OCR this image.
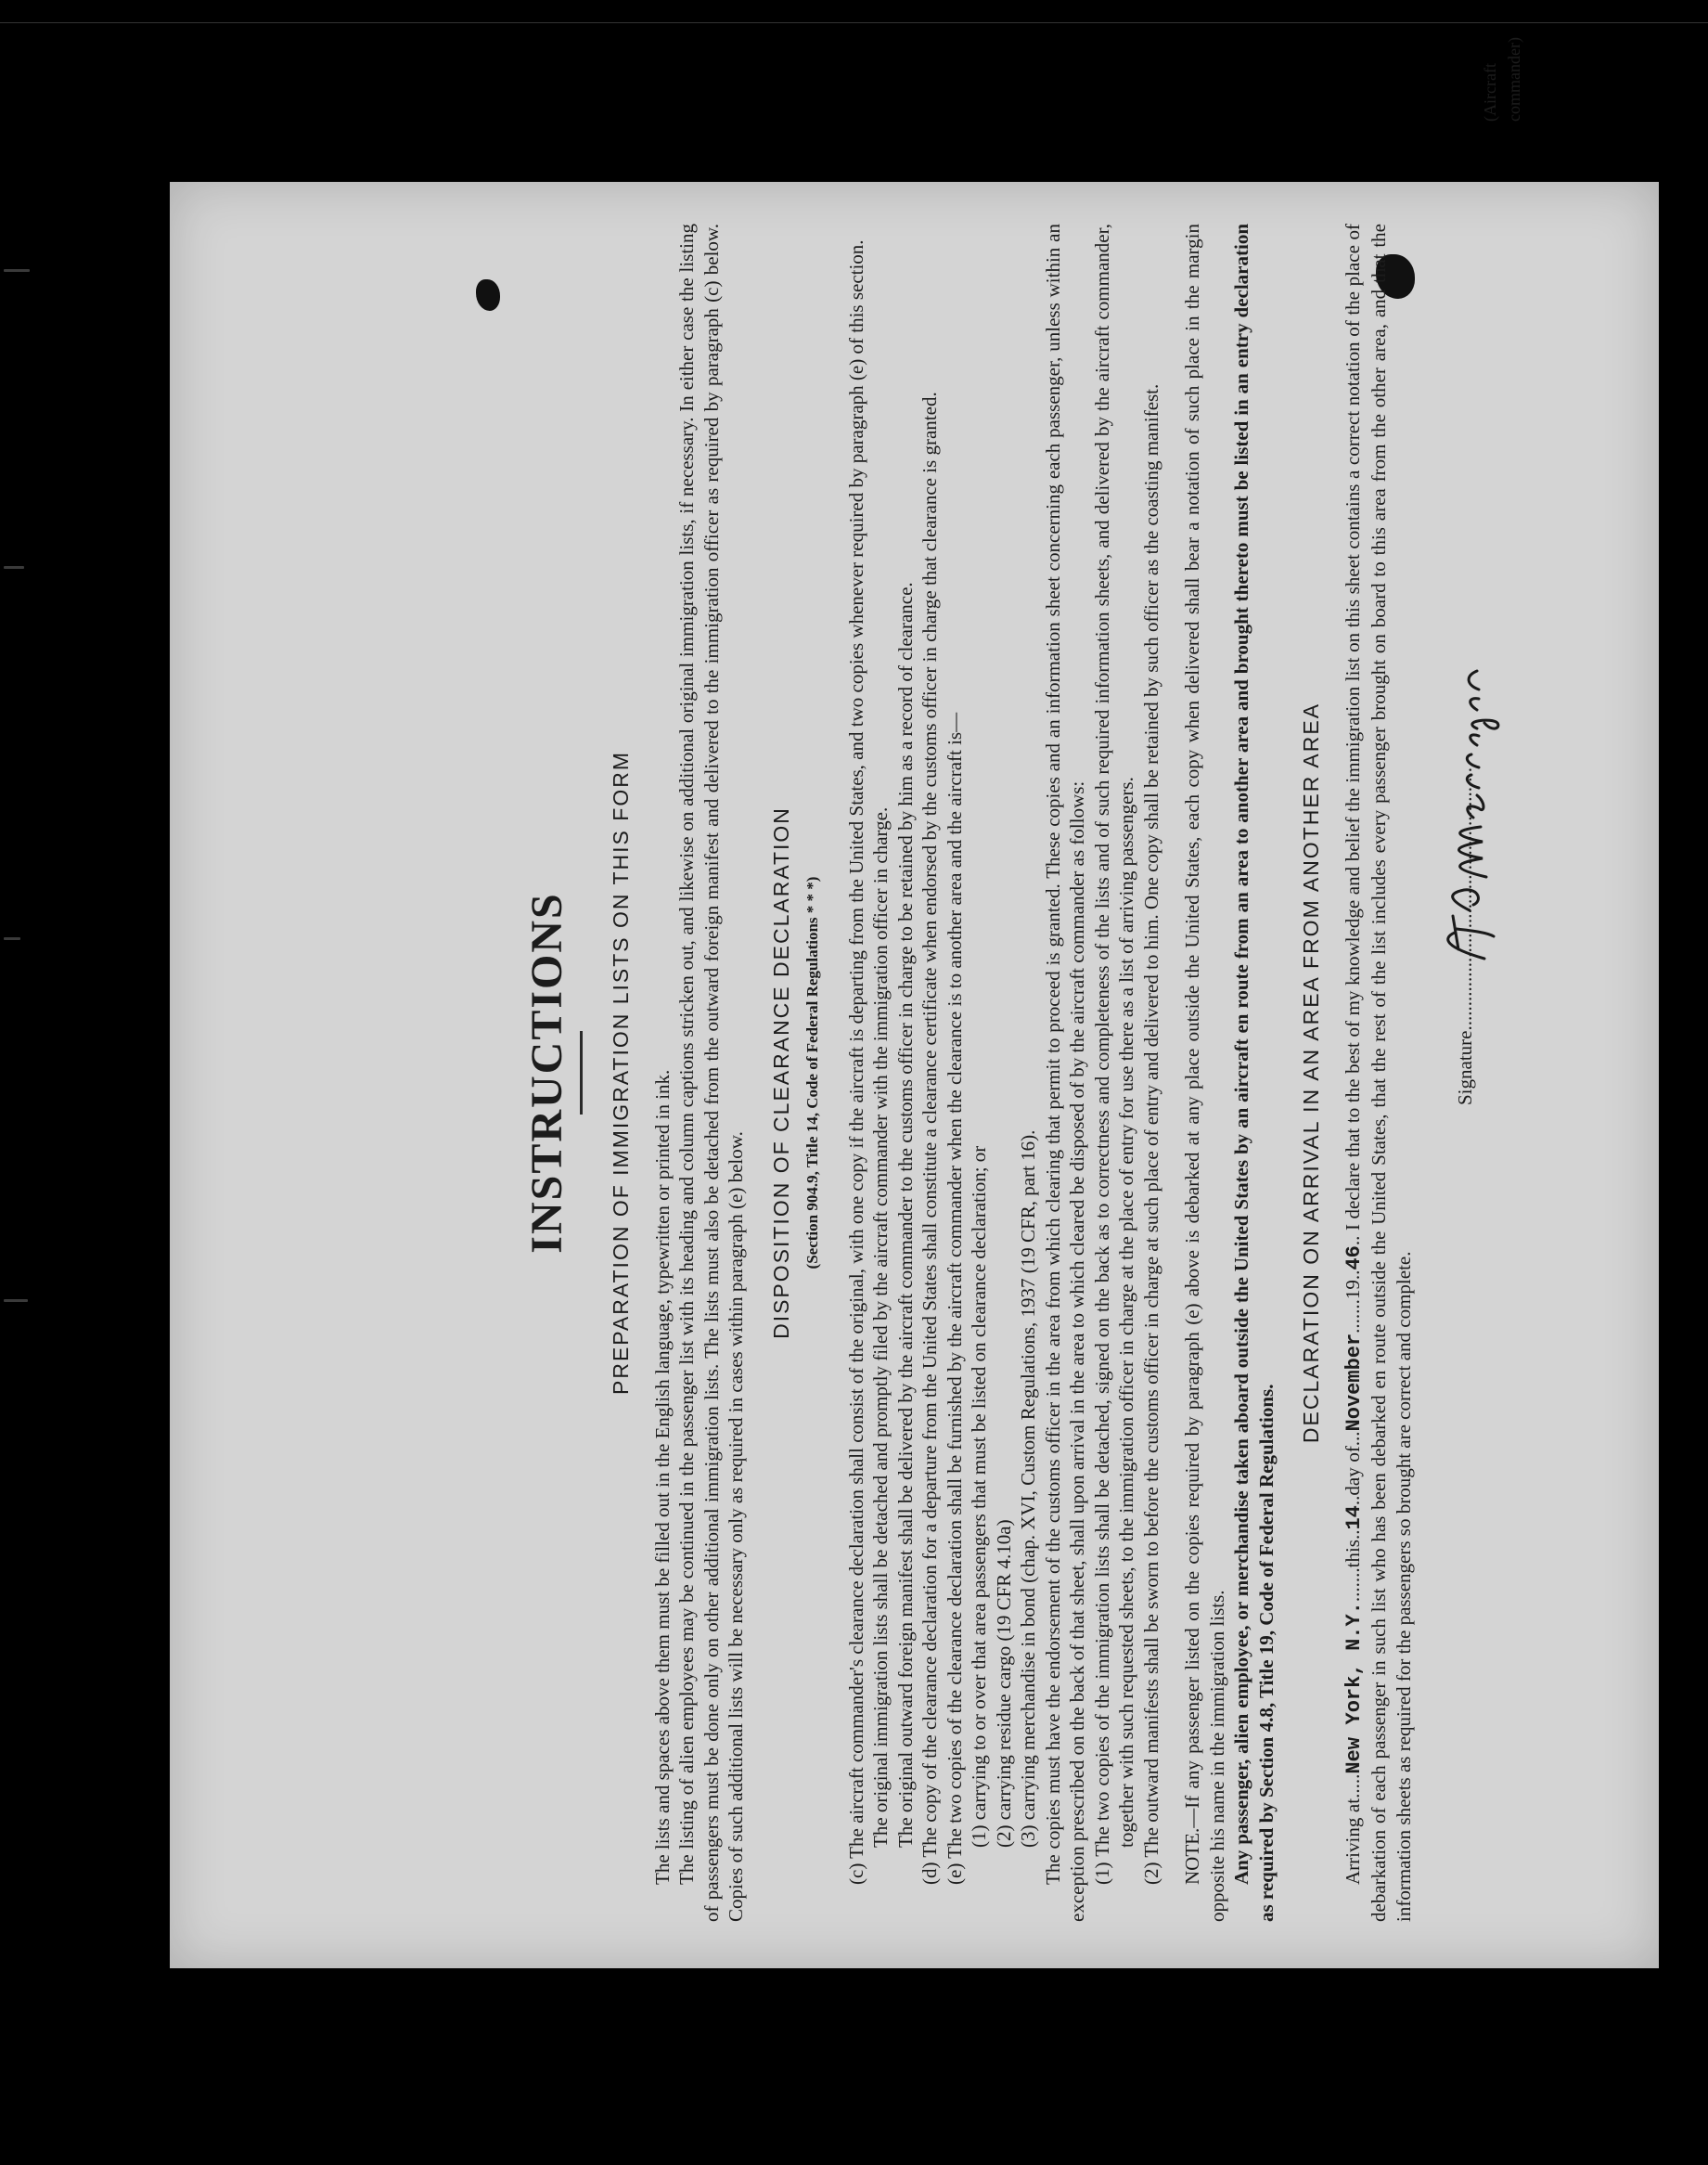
INSTRUCTIONS PREPARATION OF IMMIGRATION LISTS ON THIS FORM The lists and spaces above them must be filled out in the English language, typewritten or printed in ink. The listing of alien employees may be continued in the passenger list with its heading and column captions stricken out, and likewise on additional original immigration lists, if necessary. In either case the listing of passengers must be done only on other additional immigration lists. The lists must also be detached from the outward foreign manifest and delivered to the immigration officer as required by paragraph (c) below. Copies of such additional lists will be necessary only as required in cases within paragraph (e) below.

DISPOSITION OF CLEARANCE DECLARATION (Section 904.9, Title 14, Code of Federal Regulations * * *) (c) The aircraft commander's clearance declaration shall consist of the original, with one copy if the aircraft is departing from the United States, and two copies whenever required by paragraph (e) of this section. The original immigration lists shall be detached and promptly filed by the aircraft commander with the immigration officer in charge. The original outward foreign manifest shall be delivered by the aircraft commander to the customs officer in charge to be retained by him as a record of clearance. (d) The copy of the clearance declaration for a departure from the United States shall constitute a clearance certificate when endorsed by the customs officer in charge that clearance is granted. (e) The two copies of the clearance declaration shall be furnished by the aircraft commander when the clearance is to another area and the aircraft is— (1) carrying to or over that area passengers that must be listed on clearance declaration; or (2) carrying residue cargo (19 CFR 4.10a) (3) carrying merchandise in bond (chap. XVI, Custom Regulations, 1937 (19 CFR, part 16). The copies must have the endorsement of the customs officer in the area from which clearing that permit to proceed is granted. These copies and an information sheet concerning each passenger, unless within an exception prescribed on the back of that sheet, shall upon arrival in the area to which cleared be disposed of by the aircraft commander as follows: (1) The two copies of the immigration lists shall be detached, signed on the back as to correctness and completeness of the lists and of such required information sheets, and delivered by the aircraft commander, together with such requested sheets, to the immigration officer in charge at the place of entry for use there as a list of arriving passengers. (2) The outward manifests shall be sworn to before the customs officer in charge at such place of entry and delivered to him. One copy shall be retained by such officer as the coasting manifest. NOTE.—If any passenger listed on the copies required by paragraph (e) above is debarked at any place outside the United States, each copy when delivered shall bear a notation of such place in the margin opposite his name in the immigration lists. Any passenger, alien employee, or merchandise taken aboard outside the United States by an aircraft en route from an area to another area and brought thereto must be listed in an entry declaration as required by Section 4.8, Title 19, Code of Federal Regulations.

DECLARATION ON ARRIVAL IN AN AREA FROM ANOTHER AREA

Arriving at.....New York, N.Y........this..14..day of...November.......19..46.. I declare that to the best of my knowledge and belief the immigration list on this sheet contains a correct notation of the place of debarkation of each passenger in such list who has been debarked en route outside the United States, that the rest of the list includes every passenger brought on board to this area from the other area, and that the information sheets as required for the passengers so brought are correct and complete.

Signature......................................................
(Aircraft commander)
